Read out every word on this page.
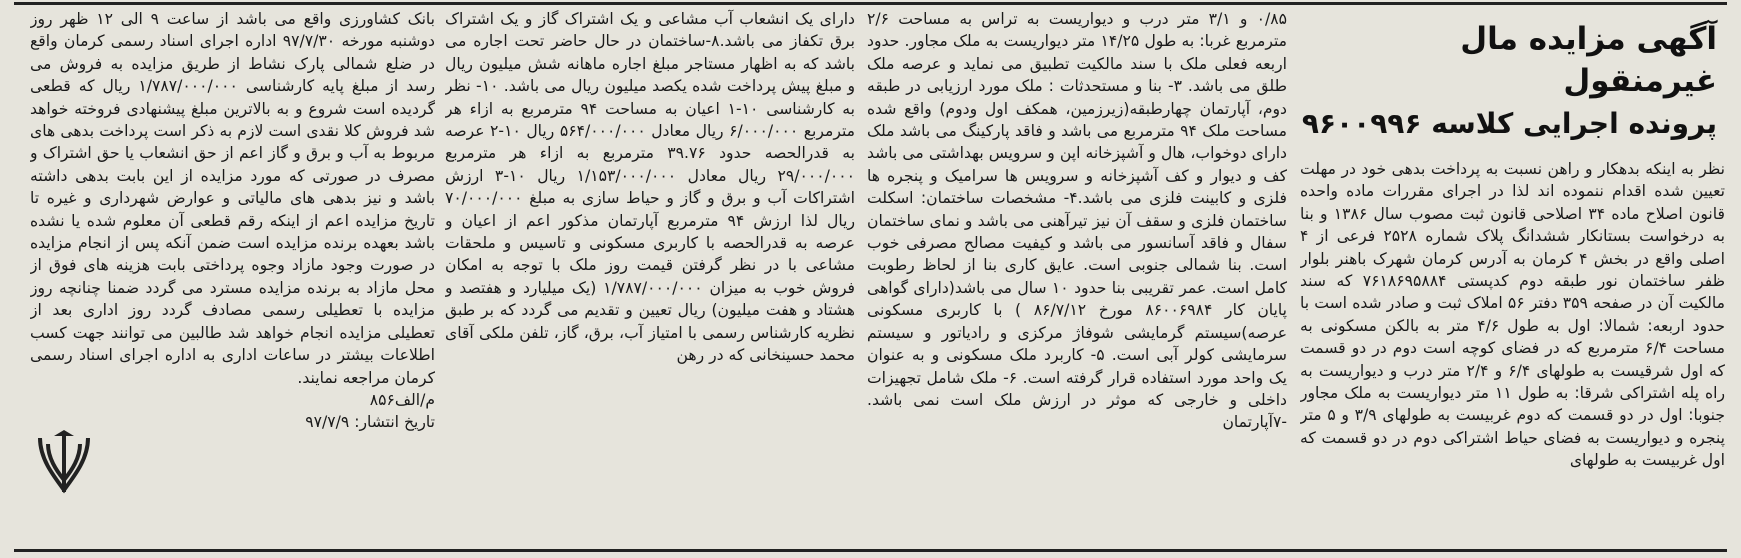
آگهی مزایده مال غیرمنقول
پرونده اجرایی کلاسه ۹۶۰۰۹۹۶

نظر به اینکه بدهکار و راهن نسبت به پرداخت بدهی خود در مهلت تعیین شده اقدام ننموده اند لذا در اجرای مقررات ماده واحده قانون اصلاح ماده ۳۴ اصلاحی قانون ثبت مصوب سال ۱۳۸۶ و بنا به درخواست بستانکار ششدانگ پلاک شماره ۲۵۲۸ فرعی از ۴ اصلی واقع در بخش ۴ کرمان به آدرس کرمان شهرک باهنر بلوار ظفر ساختمان نور طبقه دوم کدپستی ۷۶۱۸۶۹۵۸۸۴ که سند مالکیت آن در صفحه ۳۵۹ دفتر ۵۶ املاک ثبت و صادر شده است با حدود اربعه: شمالا: اول به طول ۴/۶ متر به بالکن مسکونی به مساحت ۶/۴ مترمربع که در فضای کوچه است دوم در دو قسمت که اول شرقیست به طولهای ۶/۴ و ۲/۴ متر درب و دیواریست به راه پله اشتراکی شرقا: به طول ۱۱ متر دیواریست به ملک مجاور جنوبا: اول در دو قسمت که دوم غربیست به طولهای ۳/۹ و ۵ متر پنجره و دیواریست به فضای حیاط اشتراکی دوم در دو قسمت که اول غربیست به طولهای

۰/۸۵ و ۳/۱ متر درب و دیواریست به تراس به مساحت ۲/۶ مترمربع غربا: به طول ۱۴/۲۵ متر دیواریست به ملک مجاور. حدود اربعه فعلی ملک با سند مالکیت تطبیق می نماید و عرصه ملک طلق می باشد. ۳- بنا و مستحدثات : ملک مورد ارزیابی در طبقه دوم، آپارتمان چهارطبقه(زیرزمین، همکف اول ودوم) واقع شده مساحت ملک ۹۴ مترمربع می باشد و فاقد پارکینگ می باشد ملک دارای دوخواب، هال و آشپزخانه اپن و سرویس بهداشتی می باشد کف و دیوار و کف آشپزخانه و سرویس ها سرامیک و پنجره ها فلزی و کابینت فلزی می باشد.۴- مشخصات ساختمان: اسکلت ساختمان فلزی و سقف آن نیز تیرآهنی می باشد و نمای ساختمان سفال و فاقد آسانسور می باشد و کیفیت مصالح مصرفی خوب است. بنا شمالی جنوبی است. عایق کاری بنا از لحاظ رطوبت کامل است. عمر تقریبی بنا حدود ۱۰ سال می باشد(دارای گواهی پایان کار ۸۶۰۰۶۹۸۴ مورخ ۸۶/۷/۱۲ ) با کاربری مسکونی عرصه)سیستم گرمایشی شوفاژ مرکزی و رادیاتور و سیستم سرمایشی کولر آبی است. ۵- کاربرد ملک مسکونی و به عنوان یک واحد مورد استفاده قرار گرفته است. ۶- ملک شامل تجهیزات داخلی و خارجی که موثر در ارزش ملک است نمی باشد. -۷آپارتمان

دارای یک انشعاب آب مشاعی و یک اشتراک گاز و یک اشتراک برق تکفاز می باشد.۸-ساختمان در حال حاضر تحت اجاره می باشد که به اظهار مستاجر مبلغ اجاره ماهانه شش میلیون ریال و مبلغ پیش پرداخت شده یکصد میلیون ریال می باشد. ۱۰- نظر به کارشناسی ۱۰-۱ اعیان به مساحت ۹۴ مترمربع به ازاء هر مترمربع ۶/۰۰۰/۰۰۰ ریال معادل ۵۶۴/۰۰۰/۰۰۰ ریال ۱۰-۲ عرصه به قدرالحصه حدود ۳۹.۷۶ مترمربع به ازاء هر مترمربع ۲۹/۰۰۰/۰۰۰ ریال معادل ۱/۱۵۳/۰۰۰/۰۰۰ ریال ۱۰-۳ ارزش اشتراکات آب و برق و گاز و حیاط سازی به مبلغ ۷۰/۰۰۰/۰۰۰ ریال لذا ارزش ۹۴ مترمربع آپارتمان مذکور اعم از اعیان و عرصه به قدرالحصه با کاربری مسکونی و تاسیس و ملحقات مشاعی با در نظر گرفتن قیمت روز ملک با توجه به امکان فروش خوب به میزان ۱/۷۸۷/۰۰۰/۰۰۰ (یک میلیارد و هفتصد و هشتاد و هفت میلیون) ریال تعیین و تقدیم می گردد که بر طبق نظریه کارشناس رسمی با امتیاز آب، برق، گاز، تلفن ملکی آقای محمد حسینخانی که در رهن

بانک کشاورزی واقع می باشد از ساعت ۹ الی ۱۲ ظهر روز دوشنبه مورخه ۹۷/۷/۳۰ اداره اجرای اسناد رسمی کرمان واقع در ضلع شمالی پارک نشاط از طریق مزایده به فروش می رسد از مبلغ پایه کارشناسی ۱/۷۸۷/۰۰۰/۰۰۰ ریال که قطعی گردیده است شروع و به بالاترین مبلغ پیشنهادی فروخته خواهد شد فروش کلا نقدی است لازم به ذکر است پرداخت بدهی های مربوط به آب و برق و گاز اعم از حق انشعاب یا حق اشتراک و مصرف در صورتی که مورد مزایده از این بابت بدهی داشته باشد و نیز بدهی های مالیاتی و عوارض شهرداری و غیره تا تاریخ مزایده اعم از اینکه رقم قطعی آن معلوم شده یا نشده باشد بعهده برنده مزایده است ضمن آنکه پس از انجام مزایده در صورت وجود مازاد وجوه پرداختی بابت هزینه های فوق از محل مازاد به برنده مزایده مسترد می گردد ضمنا چنانچه روز مزایده با تعطیلی رسمی مصادف گردد روز اداری بعد از تعطیلی مزایده انجام خواهد شد طالبین می توانند جهت کسب اطلاعات بیشتر در ساعات اداری به اداره اجرای اسناد رسمی کرمان مراجعه نمایند.

م/الف۸۵۶

تاریخ انتشار: ۹۷/۷/۹
